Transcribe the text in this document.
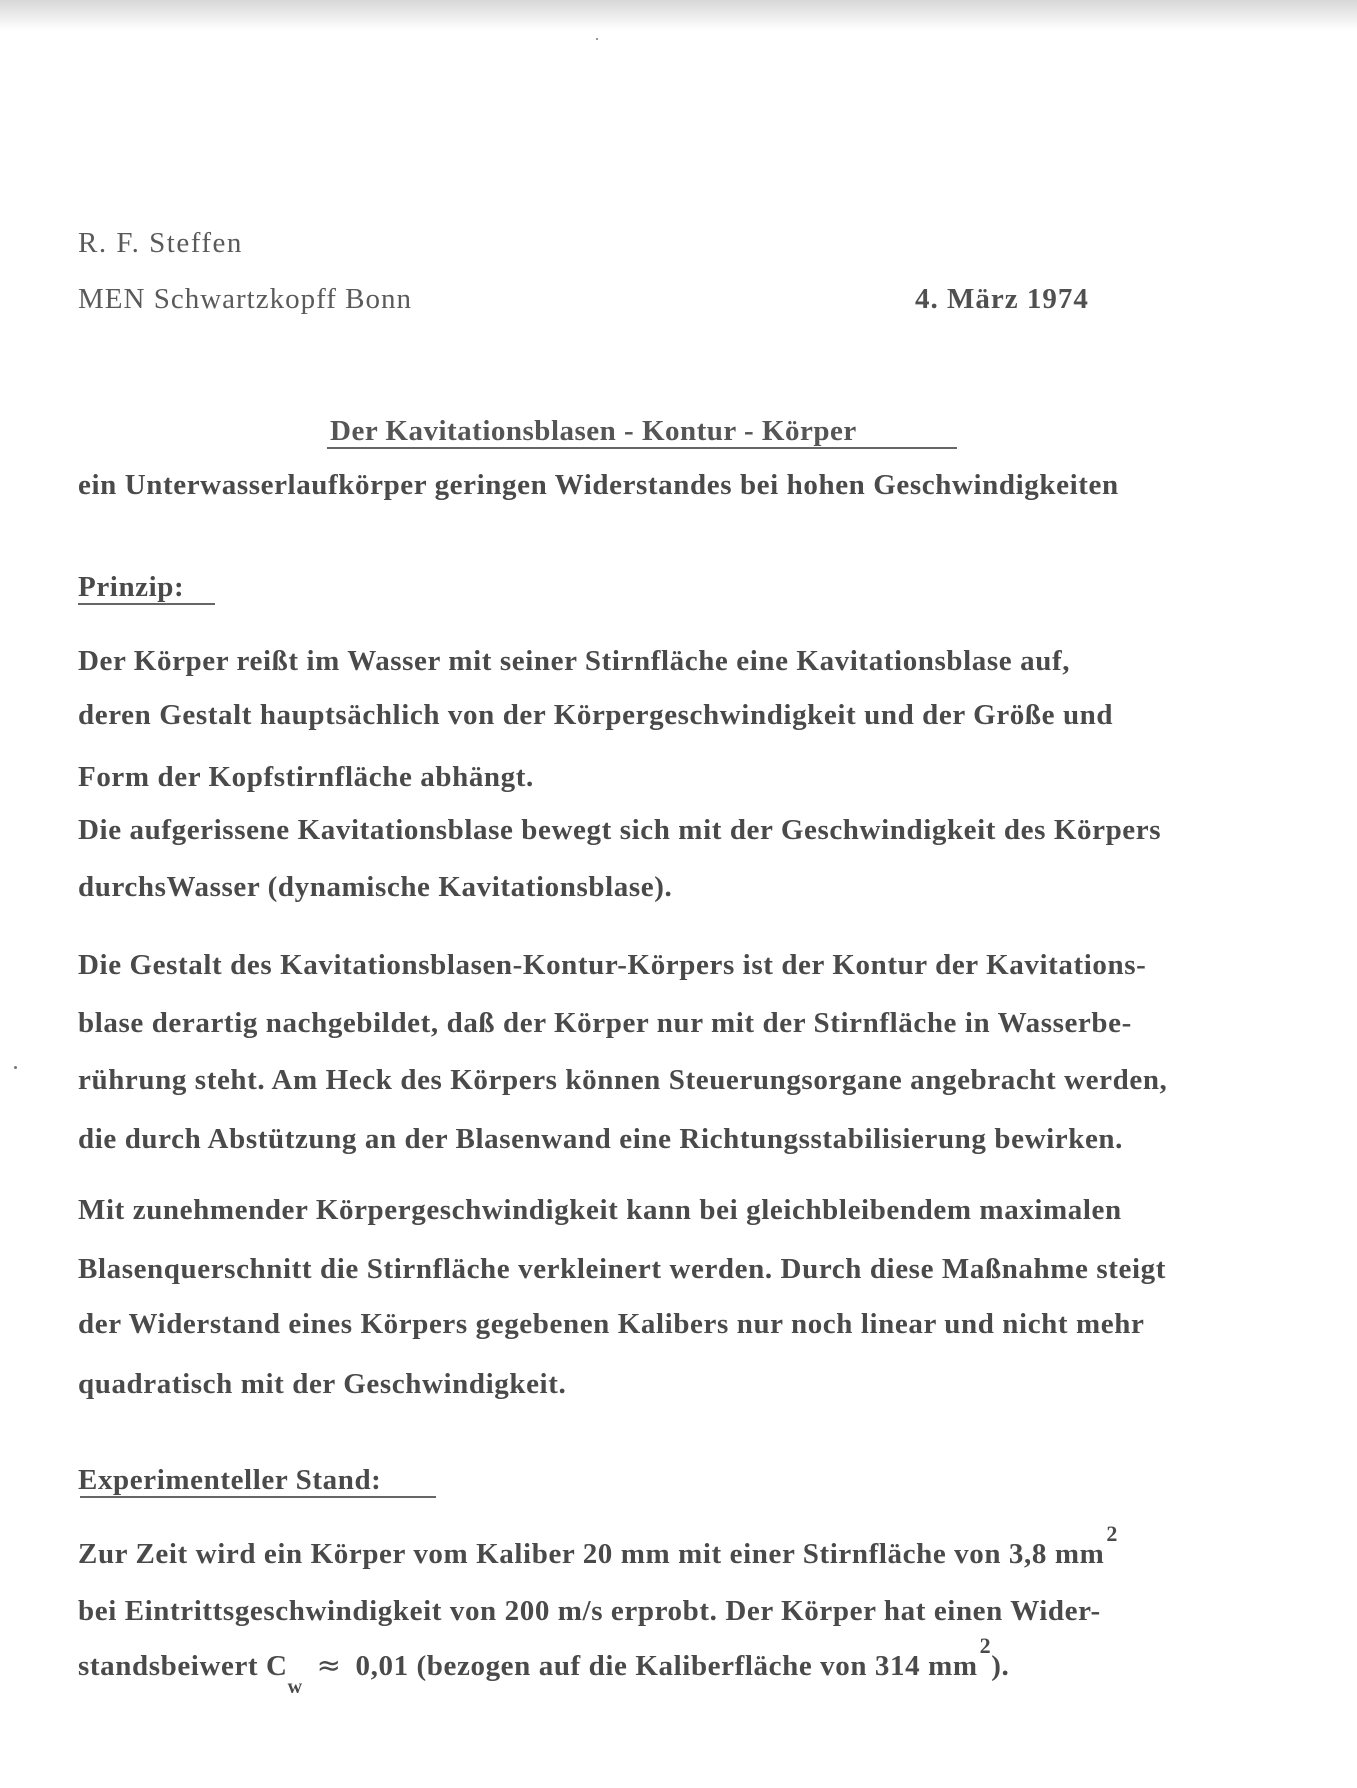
R. F. Steffen
MEN Schwartzkopff Bonn	4. März 1974
Der Kavitationsblasen - Kontur - Körper
ein Unterwasserlaufkörper geringen Widerstandes bei hohen Geschwindigkeiten
Prinzip:
Der Körper reißt im Wasser mit seiner Stirnfläche eine Kavitationsblase auf,
deren Gestalt hauptsächlich von der Körpergeschwindigkeit und der Größe und
Form der Kopfstirnfläche abhängt.
Die aufgerissene Kavitationsblase bewegt sich mit der Geschwindigkeit des Körpers
durchsWasser (dynamische Kavitationsblase).
Die Gestalt des Kavitationsblasen-Kontur-Körpers ist der Kontur der Kavitations-
blase derartig nachgebildet, daß der Körper nur mit der Stirnfläche in Wasserbe-
rührung steht. Am Heck des Körpers können Steuerungsorgane angebracht werden,
die durch Abstützung an der Blasenwand eine Richtungsstabilisierung bewirken.
Mit zunehmender Körpergeschwindigkeit kann bei gleichbleibendem maximalen
Blasenquerschnitt die Stirnfläche verkleinert werden. Durch diese Maßnahme steigt
der Widerstand eines Körpers gegebenen Kalibers nur noch linear und nicht mehr
quadratisch mit der Geschwindigkeit.
Experimenteller Stand:
Zur Zeit wird ein Körper vom Kaliber 20 mm mit einer Stirnfläche von 3,8 $mm^2$
bei Eintrittsgeschwindigkeit von 200 m/s erprobt. Der Körper hat einen Wider-
standsbeiwert $C_w\approx 0,01$ (bezogen auf die Kaliberfläche von 314 $mm^2$).
